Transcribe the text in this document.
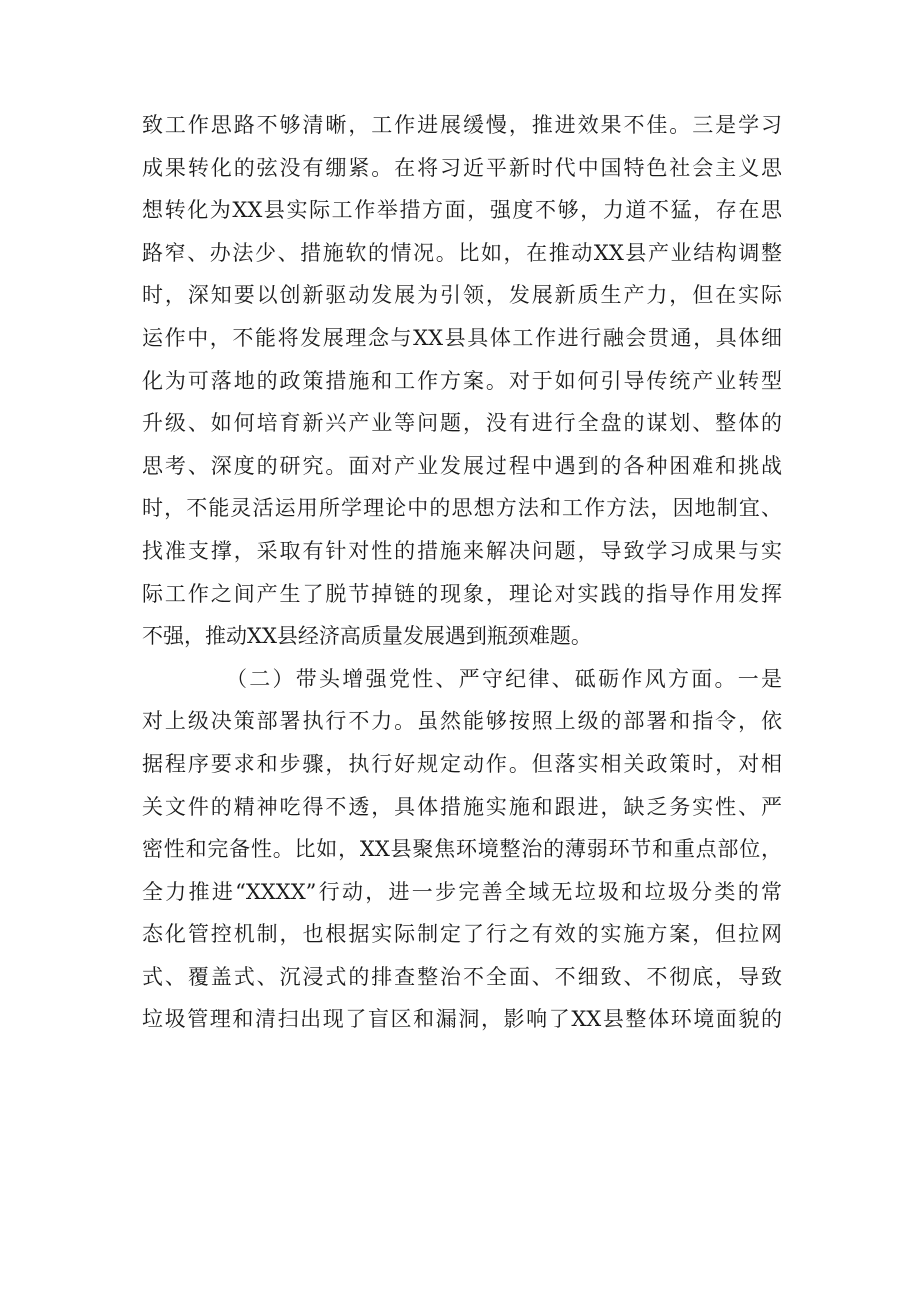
致工作思路不够清晰，工作进展缓慢，推进效果不佳。三是学习
成果转化的弦没有绷紧。在将习近平新时代中国特色社会主义思
想转化为XX县实际工作举措方面，强度不够，力道不猛，存在思
路窄、办法少、措施软的情况。比如，在推动XX县产业结构调整
时，深知要以创新驱动发展为引领，发展新质生产力，但在实际
运作中，不能将发展理念与XX县具体工作进行融会贯通，具体细
化为可落地的政策措施和工作方案。对于如何引导传统产业转型
升级、如何培育新兴产业等问题，没有进行全盘的谋划、整体的
思考、深度的研究。面对产业发展过程中遇到的各种困难和挑战
时，不能灵活运用所学理论中的思想方法和工作方法，因地制宜、
找准支撑，采取有针对性的措施来解决问题，导致学习成果与实
际工作之间产生了脱节掉链的现象，理论对实践的指导作用发挥
不强，推动XX县经济高质量发展遇到瓶颈难题。
（二）带头增强党性、严守纪律、砥砺作风方面。一是
对上级决策部署执行不力。虽然能够按照上级的部署和指令，依
据程序要求和步骤，执行好规定动作。但落实相关政策时，对相
关文件的精神吃得不透，具体措施实施和跟进，缺乏务实性、严
密性和完备性。比如，XX县聚焦环境整治的薄弱环节和重点部位，
全力推进“XXXX”行动，进一步完善全域无垃圾和垃圾分类的常
态化管控机制，也根据实际制定了行之有效的实施方案，但拉网
式、覆盖式、沉浸式的排查整治不全面、不细致、不彻底，导致
垃圾管理和清扫出现了盲区和漏洞，影响了XX县整体环境面貌的
